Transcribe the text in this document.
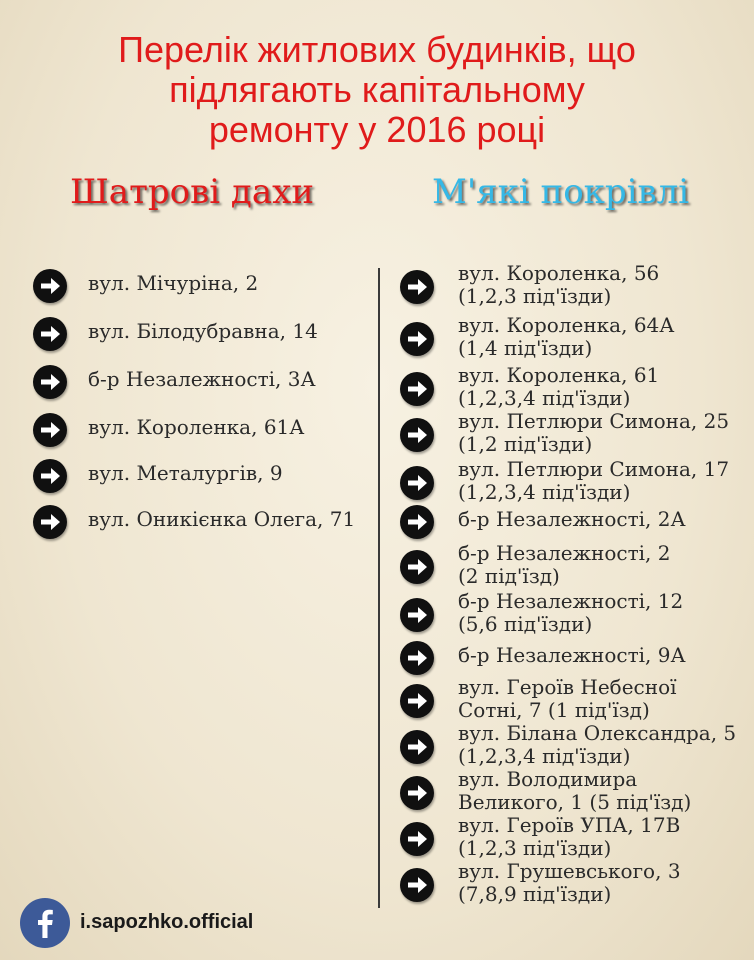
Перелік житлових будинків, що
підлягають капітальному
ремонту у 2016 році
Шатрові дахи	М'які покрівлі
вул. Мічуріна, 2
вул. Білодубравна, 14
б-р Незалежності, 3А
вул. Короленка, 61А
вул. Металургів, 9
вул. Оникієнка Олега, 71
вул. Короленка, 56
(1,2,3 під'їзди)
вул. Короленка, 64А
(1,4 під'їзди)
вул. Короленка, 61
(1,2,3,4 під'їзди)
вул. Петлюри Симона, 25
(1,2 під'їзди)
вул. Петлюри Симона, 17
(1,2,3,4 під'їзди)
б-р Незалежності, 2А
б-р Незалежності, 2
(2 під'їзд)
б-р Незалежності, 12
(5,6 під'їзди)
б-р Незалежності, 9А
вул. Героїв Небесної
Сотні, 7 (1 під'їзд)
вул. Білана Олександра, 5
(1,2,3,4 під'їзди)
вул. Володимира
Великого, 1 (5 під'їзд)
вул. Героїв УПА, 17В
(1,2,3 під'їзди)
вул. Грушевського, 3
(7,8,9 під'їзди)
i.sapozhko.official
